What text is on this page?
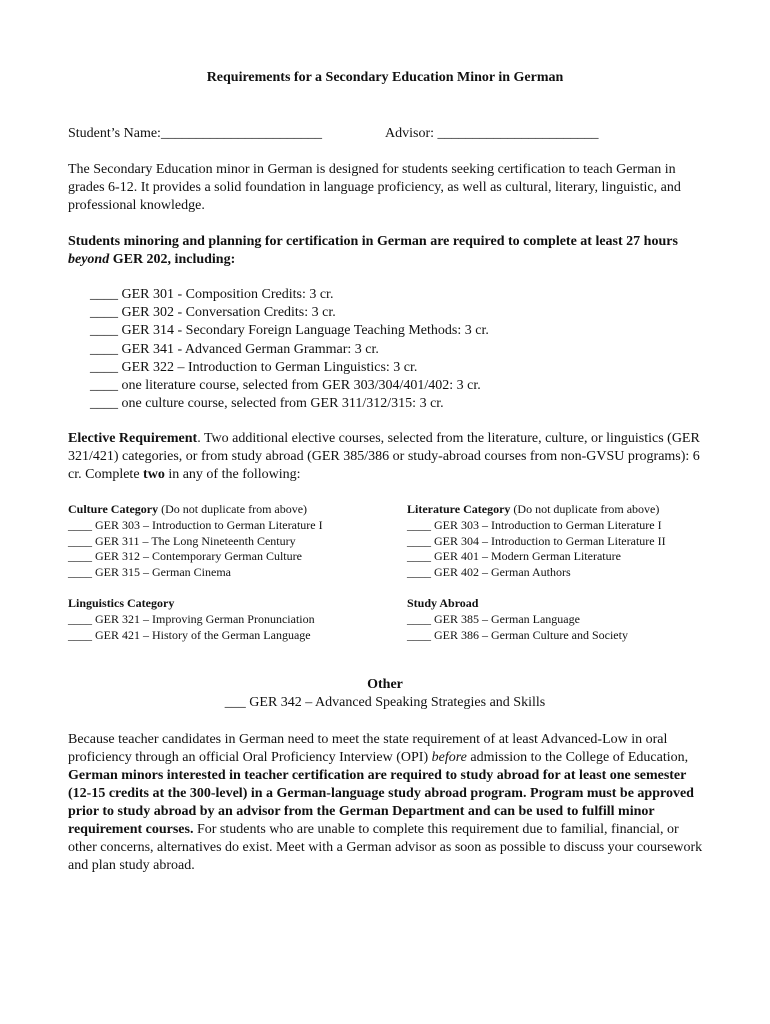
Requirements for a Secondary Education Minor in German
Student’s Name:_______________________	Advisor: _______________________

The Secondary Education minor in German is designed for students seeking certification to teach German in grades 6-12. It provides a solid foundation in language proficiency, as well as cultural, literary, linguistic, and professional knowledge.

Students minoring and planning for certification in German are required to complete at least 27 hours beyond GER 202, including:

____ GER 301 - Composition Credits: 3 cr.
____ GER 302 - Conversation Credits: 3 cr.
____ GER 314 - Secondary Foreign Language Teaching Methods: 3 cr.
____ GER 341 - Advanced German Grammar: 3 cr.
____ GER 322 – Introduction to German Linguistics: 3 cr.
____ one literature course, selected from GER 303/304/401/402: 3 cr.
____ one culture course, selected from GER 311/312/315: 3 cr.

Elective Requirement. Two additional elective courses, selected from the literature, culture, or linguistics (GER 321/421) categories, or from study abroad (GER 385/386 or study-abroad courses from non-GVSU programs): 6 cr. Complete two in any of the following:

Culture Category (Do not duplicate from above)
____ GER 303 – Introduction to German Literature I
____ GER 311 – The Long Nineteenth Century
____ GER 312 – Contemporary German Culture
____ GER 315 – German Cinema
Literature Category (Do not duplicate from above)
____ GER 303 – Introduction to German Literature I
____ GER 304 – Introduction to German Literature II
____ GER 401 – Modern German Literature
____ GER 402 – German Authors
Linguistics Category
____ GER 321 – Improving German Pronunciation
____ GER 421 – History of the German Language
Study Abroad
____ GER 385 – German Language
____ GER 386 – German Culture and Society
Other
___ GER 342 – Advanced Speaking Strategies and Skills

Because teacher candidates in German need to meet the state requirement of at least Advanced-Low in oral proficiency through an official Oral Proficiency Interview (OPI) before admission to the College of Education, German minors interested in teacher certification are required to study abroad for at least one semester (12-15 credits at the 300-level) in a German-language study abroad program. Program must be approved prior to study abroad by an advisor from the German Department and can be used to fulfill minor requirement courses. For students who are unable to complete this requirement due to familial, financial, or other concerns, alternatives do exist. Meet with a German advisor as soon as possible to discuss your coursework and plan study abroad.
